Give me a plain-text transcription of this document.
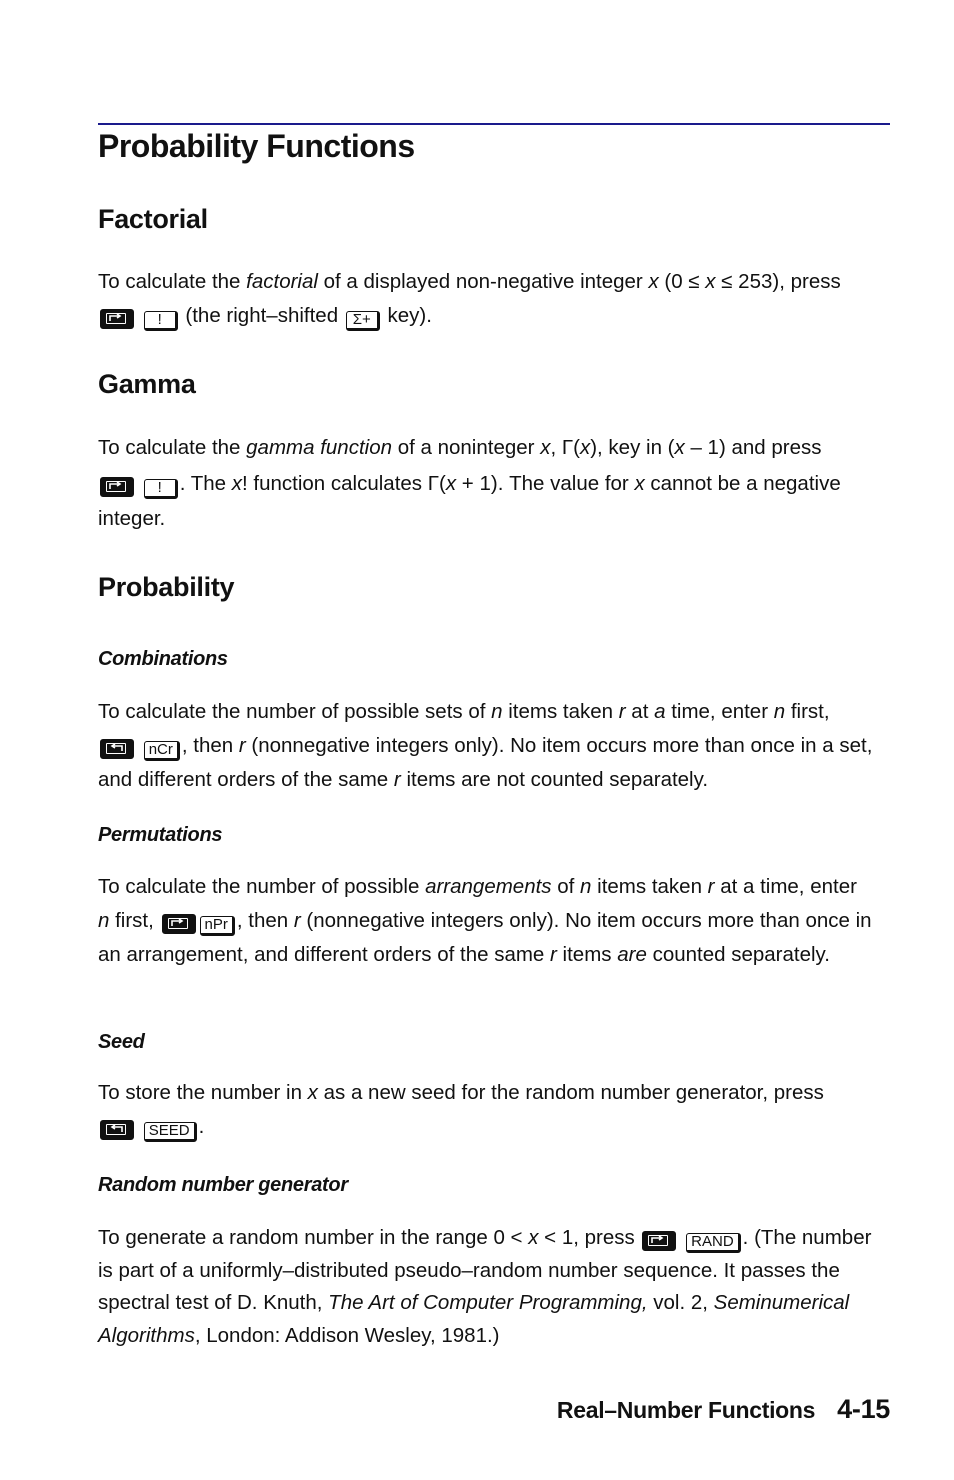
Probability Functions
Factorial

To calculate the factorial of a displayed non-negative integer x (0 ≤ x ≤ 253), press

! (the right–shifted Σ+ key).

Gamma

To calculate the gamma function of a noninteger x, Γ(x), key in (x – 1) and press

! . The x! function calculates Γ(x + 1). The value for x cannot be a negative integer.

Probability
Combinations

To calculate the number of possible sets of n items taken r at a time, enter n first,

nCr , then r (nonnegative integers only). No item occurs more than once in a set, and different orders of the same r items are not counted separately.

Permutations

To calculate the number of possible arrangements of n items taken r at a time, enter
n first,	nPr , then r (nonnegative integers only). No item occurs more than once in an arrangement, and different orders of the same r items are counted separately.

Seed

To store the number in x as a new seed for the random number generator, press

SEED .

Random number generator

To generate a random number in the range 0 < x < 1, press	RAND . (The number is part of a uniformly–distributed pseudo–random number sequence. It passes the spectral test of D. Knuth, The Art of Computer Programming, vol. 2, Seminumerical Algorithms, London: Addison Wesley, 1981.)

Real–Number Functions 4-15
